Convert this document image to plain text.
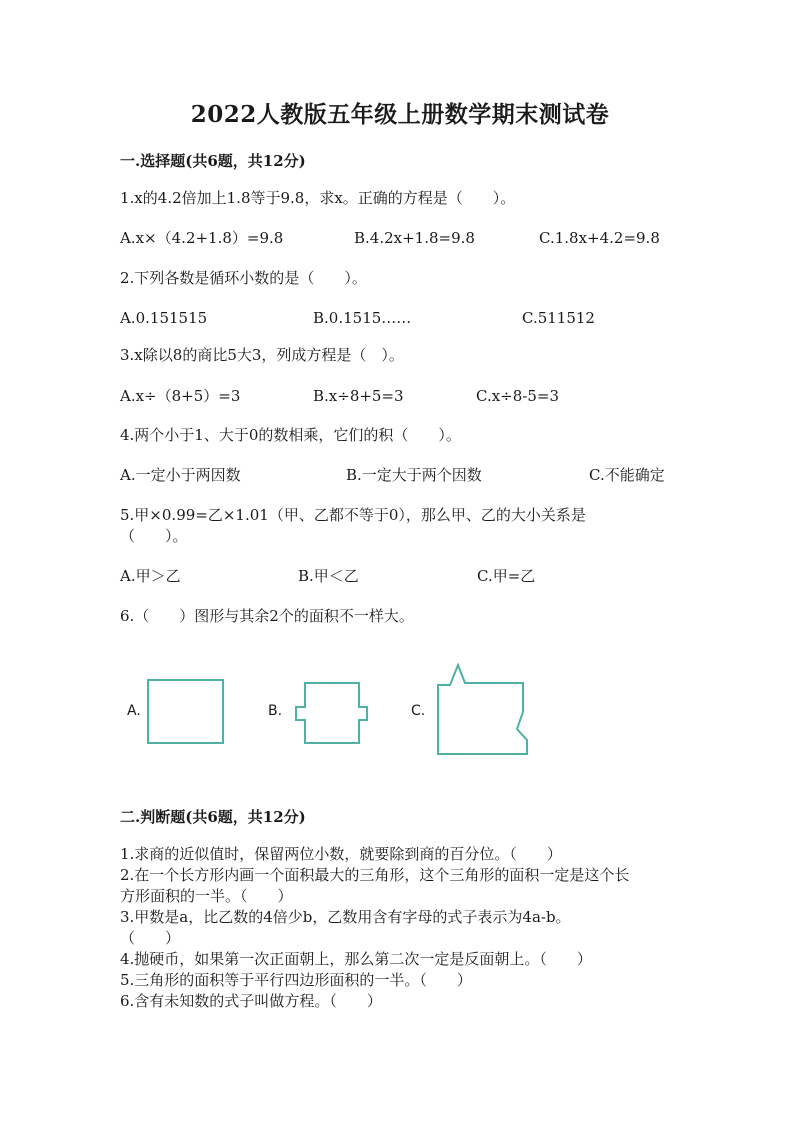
2022人教版五年级上册数学期末测试卷
一.选择题(共6题，共12分)
1.x的4.2倍加上1.8等于9.8，求x。正确的方程是（　　）。
A.x×（4.2+1.8）=9.8	B.4.2x+1.8=9.8	C.1.8x+4.2=9.8
2.下列各数是循环小数的是（　　）。
A.0.151515	B.0.1515……	C.511512
3.x除以8的商比5大3，列成方程是（　）。
A.x÷（8+5）=3	B.x÷8+5=3	C.x÷8-5=3
4.两个小于1、大于0的数相乘，它们的积（　　）。
A.一定小于两因数	B.一定大于两个因数	C.不能确定
5.甲×0.99=乙×1.01（甲、乙都不等于0），那么甲、乙的大小关系是
（　　）。
A.甲＞乙	B.甲＜乙	C.甲=乙
6.（　　）图形与其余2个的面积不一样大。
A.	B.	C.
二.判断题(共6题，共12分)
1.求商的近似值时，保留两位小数，就要除到商的百分位。（　　）
2.在一个长方形内画一个面积最大的三角形，这个三角形的面积一定是这个长
方形面积的一半。（　　）
3.甲数是a，比乙数的4倍少b，乙数用含有字母的式子表示为4a-b。
（　　）
4.抛硬币，如果第一次正面朝上，那么第二次一定是反面朝上。（　　）
5.三角形的面积等于平行四边形面积的一半。（　　）
6.含有未知数的式子叫做方程。（　　）
